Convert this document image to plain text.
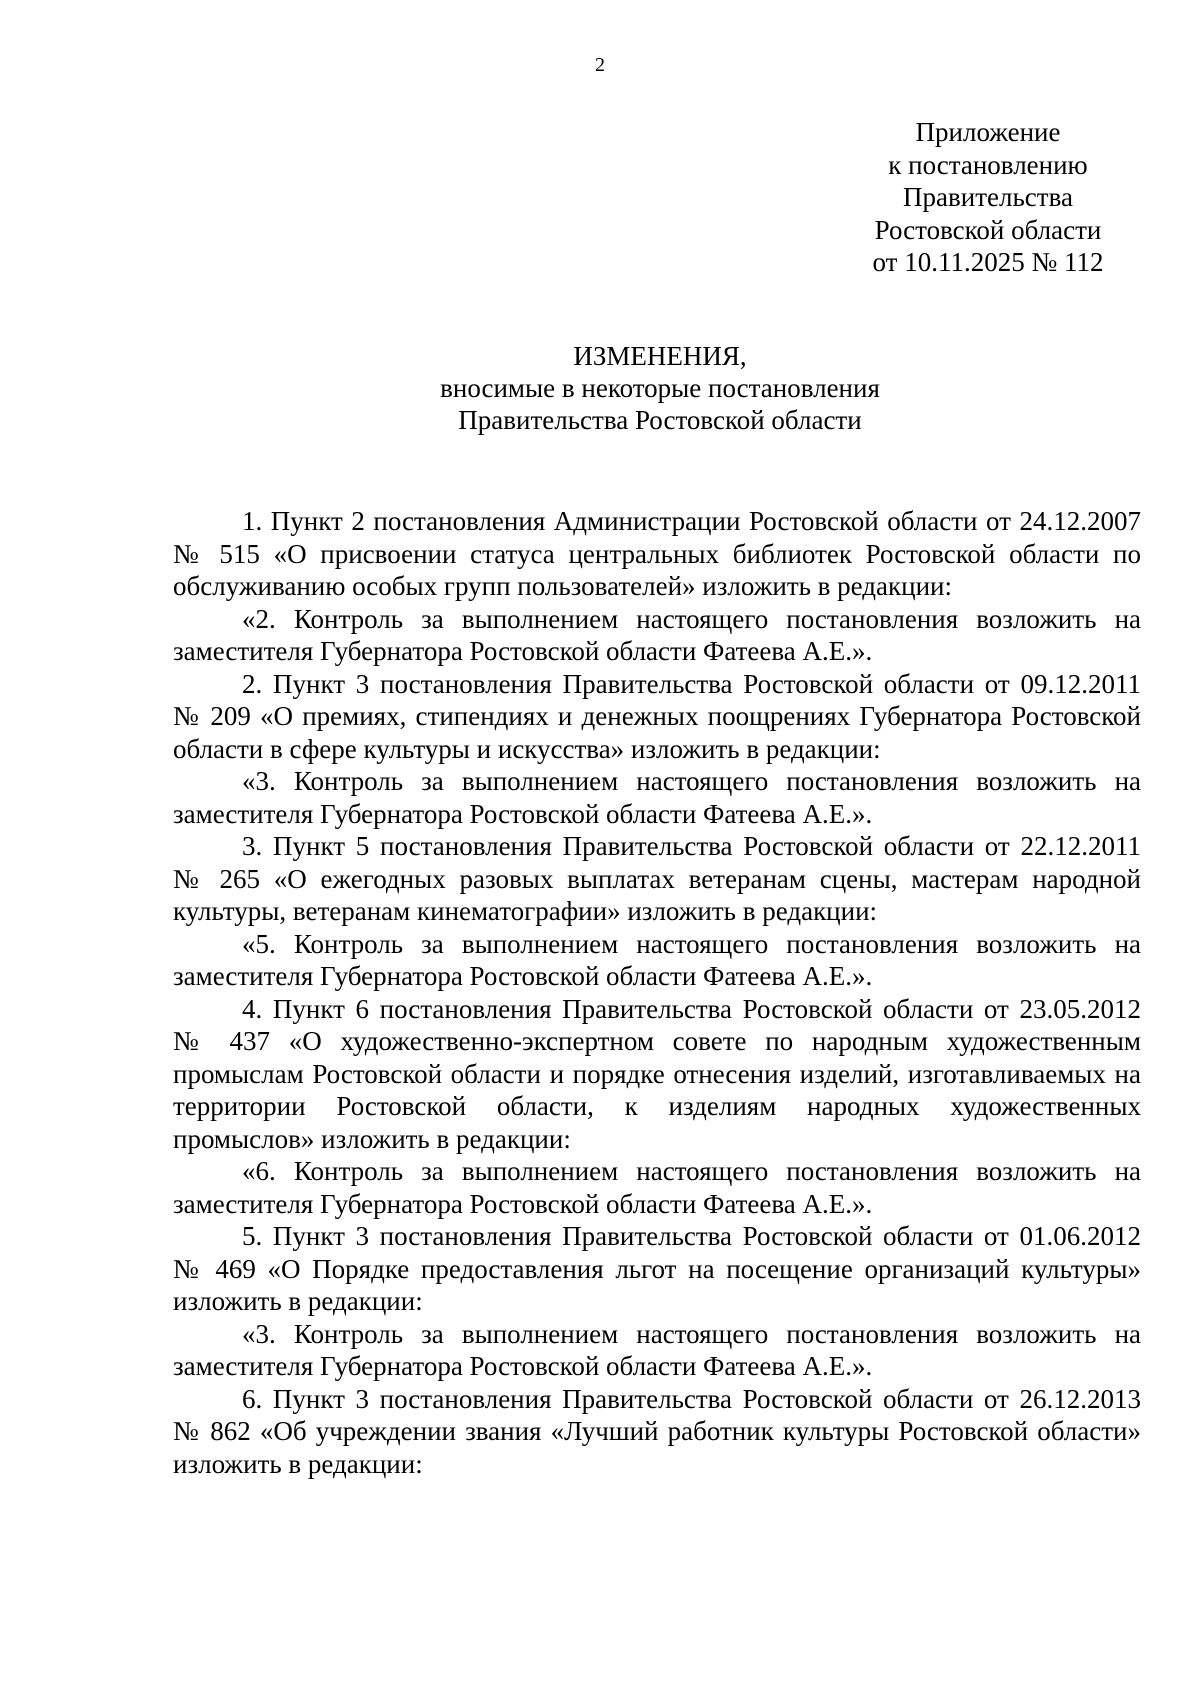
2
Приложение
к постановлению
Правительства
Ростовской области
от 10.11.2025 № 112
ИЗМЕНЕНИЯ,
вносимые в некоторые постановления
Правительства Ростовской области

1. Пункт 2 постановления Администрации Ростовской области от 24.12.2007 № 515 «О присвоении статуса центральных библиотек Ростовской области по обслуживанию особых групп пользователей» изложить в редакции:

«2. Контроль за выполнением настоящего постановления возложить на заместителя Губернатора Ростовской области Фатеева А.Е.».

2. Пункт 3 постановления Правительства Ростовской области от 09.12.2011 № 209 «О премиях, стипендиях и денежных поощрениях Губернатора Ростовской области в сфере культуры и искусства» изложить в редакции:

«3. Контроль за выполнением настоящего постановления возложить на заместителя Губернатора Ростовской области Фатеева А.Е.».

3. Пункт 5 постановления Правительства Ростовской области от 22.12.2011 № 265 «О ежегодных разовых выплатах ветеранам сцены, мастерам народной культуры, ветеранам кинематографии» изложить в редакции:

«5. Контроль за выполнением настоящего постановления возложить на заместителя Губернатора Ростовской области Фатеева А.Е.».

4. Пункт 6 постановления Правительства Ростовской области от 23.05.2012 № 437 «О художественно-экспертном совете по народным художественным промыслам Ростовской области и порядке отнесения изделий, изготавливаемых на территории Ростовской области, к изделиям народных художественных промыслов» изложить в редакции:

«6. Контроль за выполнением настоящего постановления возложить на заместителя Губернатора Ростовской области Фатеева А.Е.».

5. Пункт 3 постановления Правительства Ростовской области от 01.06.2012 № 469 «О Порядке предоставления льгот на посещение организаций культуры» изложить в редакции:

«3. Контроль за выполнением настоящего постановления возложить на заместителя Губернатора Ростовской области Фатеева А.Е.».

6. Пункт 3 постановления Правительства Ростовской области от 26.12.2013 № 862 «Об учреждении звания «Лучший работник культуры Ростовской области» изложить в редакции:
